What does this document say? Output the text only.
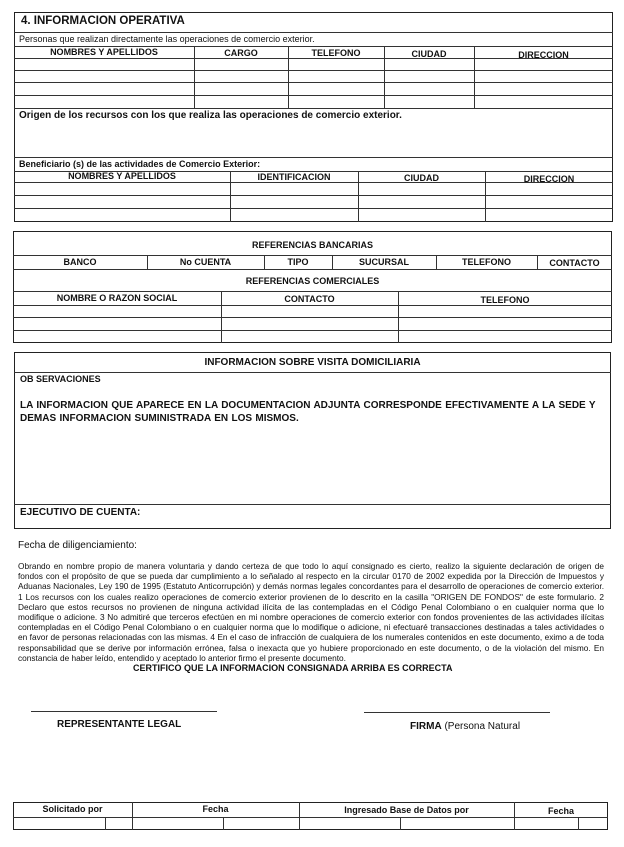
4. INFORMACION OPERATIVA
Personas que realizan directamente las operaciones de comercio exterior.
NOMBRES Y APELLIDOS	CARGO	TELEFONO	CIUDAD	DIRECCION
Origen de los recursos con los que realiza las operaciones de comercio exterior.
Beneficiario (s) de las actividades de Comercio Exterior:
NOMBRES Y APELLIDOS	IDENTIFICACION	CIUDAD	DIRECCION
REFERENCIAS BANCARIAS
BANCO	No CUENTA	TIPO	SUCURSAL	TELEFONO	CONTACTO
REFERENCIAS COMERCIALES
NOMBRE O RAZON SOCIAL	CONTACTO	TELEFONO
INFORMACION SOBRE VISITA DOMICILIARIA
OB SERVACIONES
LA INFORMACION QUE APARECE EN LA DOCUMENTACION ADJUNTA CORRESPONDE EFECTIVAMENTE A LA SEDE Y DEMAS INFORMACION SUMINISTRADA EN LOS MISMOS.
EJECUTIVO DE CUENTA:
Fecha de diligenciamiento:
Obrando en nombre propio de manera voluntaria y dando certeza de que todo lo aquí consignado es cierto, realizo la siguiente declaración de origen de fondos con el propósito de que se pueda dar cumplimiento a lo señalado al respecto en la circular 0170 de 2002 expedida por la Dirección de Impuestos y Aduanas Nacionales, Ley 190 de 1995 (Estatuto Anticorrupción) y demás normas legales concordantes para el desarrollo de operaciones de comercio exterior. 1 Los recursos con los cuales realizo operaciones de comercio exterior provienen de lo descrito en la casilla "ORIGEN DE FONDOS" de este formulario. 2 Declaro que estos recursos no provienen de ninguna actividad ilícita de las contempladas en el Código Penal Colombiano o en cualquier norma que lo modifique o adicione. 3 No admitiré que terceros efectúen en mi nombre operaciones de comercio exterior con fondos provenientes de las actividades ilícitas contempladas en el Código Penal Colombiano o en cualquier norma que lo modifique o adicione, ni efectuaré transacciones destinadas a tales actividades o en favor de personas relacionadas con las mismas. 4 En el caso de infracción de cualquiera de los numerales contenidos en este documento, eximo a de toda responsabilidad que se derive por información errónea, falsa o inexacta que yo hubiere proporcionado en este documento, o de la violación del mismo. En constancia de haber leído, entendido y aceptado lo anterior firmo el presente documento.
CERTIFICO QUE LA INFORMACION CONSIGNADA ARRIBA ES CORRECTA
REPRESENTANTE LEGAL	FIRMA (Persona Natural
Solicitado por	Fecha	Ingresado Base de Datos por	Fecha
